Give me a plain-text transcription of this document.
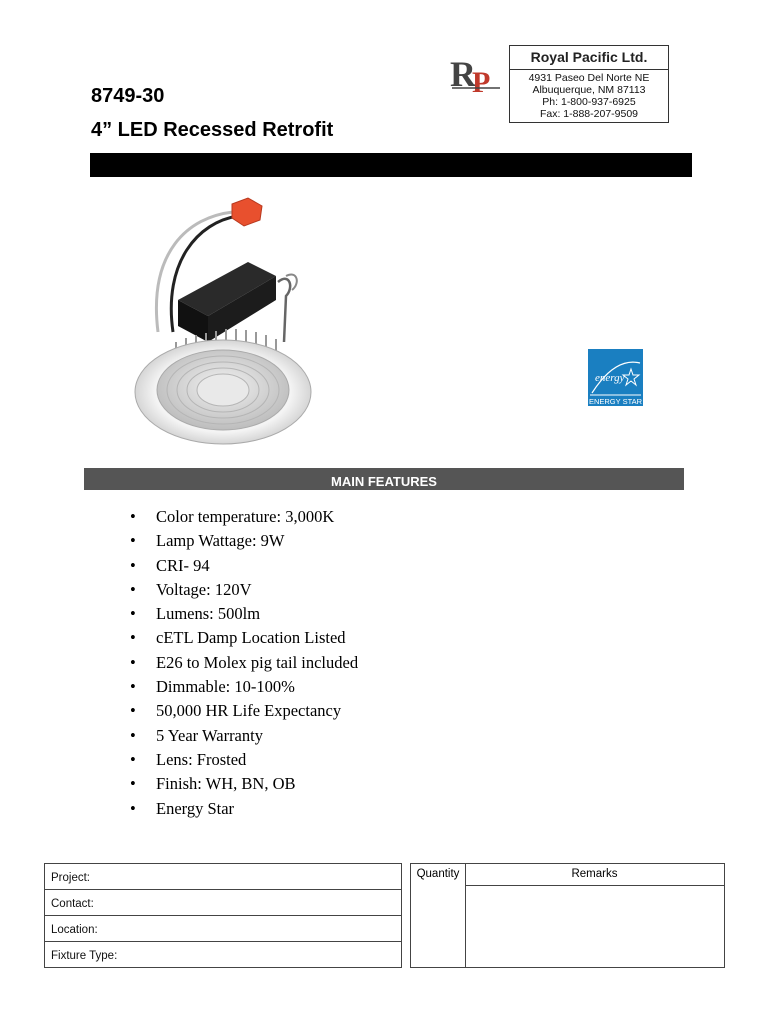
8749-30
4” LED Recessed Retrofit
R
P
Royal Pacific Ltd.
4931 Paseo Del Norte NE
Albuquerque, NM 87113
Ph: 1-800-937-6925
Fax: 1-888-207-9509
energy
ENERGY STAR
MAIN FEATURES
• Color temperature: 3,000K
• Lamp Wattage: 9W
• CRI- 94
• Voltage: 120V
• Lumens: 500lm
• cETL Damp Location Listed
• E26 to Molex pig tail included
• Dimmable: 10-100%
• 50,000 HR Life Expectancy
• 5 Year Warranty
• Lens: Frosted
• Finish: WH, BN, OB
• Energy Star
Project:
Contact:
Location:
Fixture Type:
Quantity	Remarks
